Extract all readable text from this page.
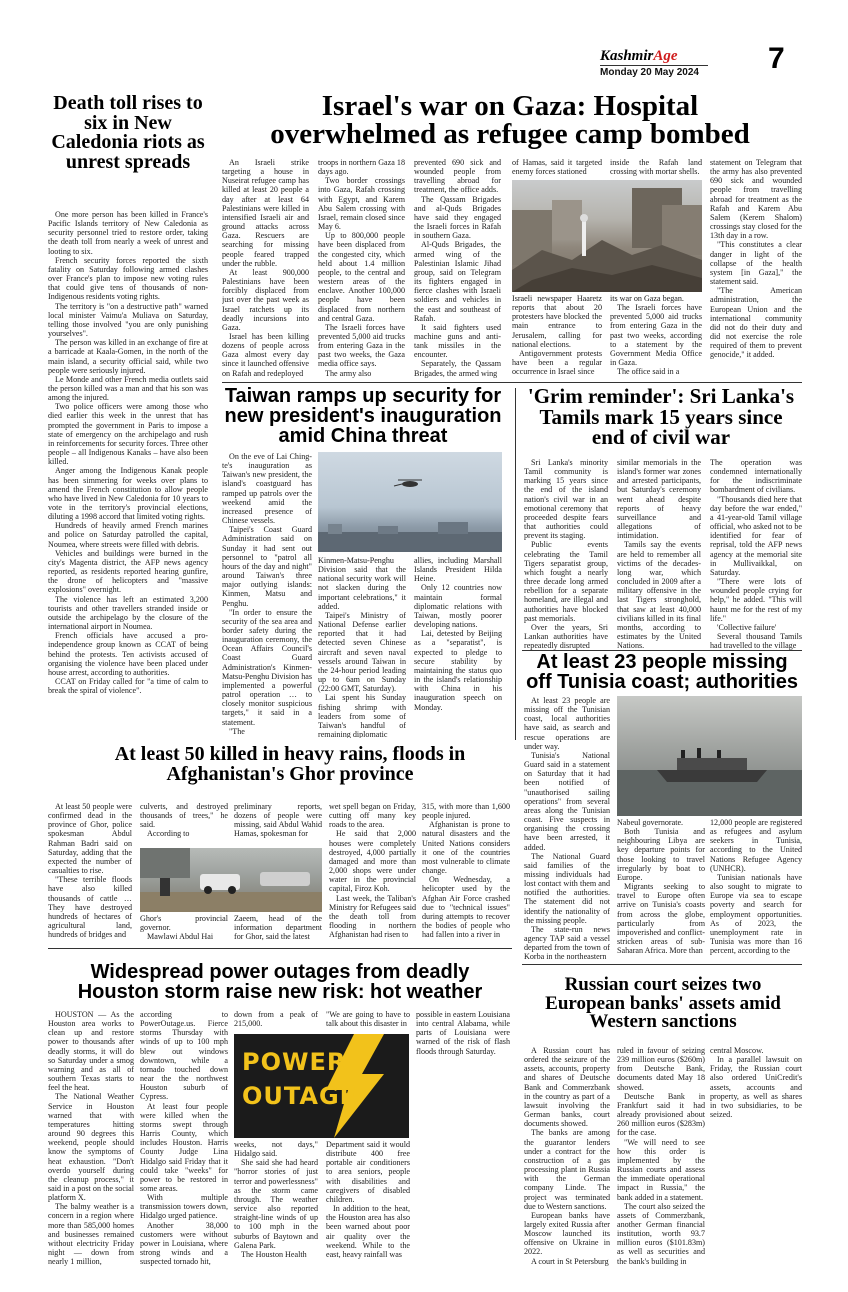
KashmirAge
Monday 20 May 2024 7
Death toll rises to six in New Caledonia riots as unrest spreads

One more person has been killed in France's Pacific Islands territory of New Caledonia as security personnel tried to restore order, taking the death toll from nearly a week of unrest and looting to six.

French security forces reported the sixth fatality on Saturday following armed clashes over France's plan to impose new voting rules that could give tens of thousands of non-Indigenous residents voting rights.

The territory is "on a destructive path" warned local minister Vaimu'a Muliava on Saturday, telling those involved "you are only punishing yourselves".

The person was killed in an exchange of fire at a barricade at Kaala-Gomen, in the north of the main island, a security official said, while two people were seriously injured.

Le Monde and other French media outlets said the person killed was a man and that his son was among the injured.

Two police officers were among those who died earlier this week in the unrest that has prompted the government in Paris to impose a state of emergency on the archipelago and rush in reinforcements for security forces. Three other people – all Indigenous Kanaks – have also been killed.

Anger among the Indigenous Kanak people has been simmering for weeks over plans to amend the French constitution to allow people who have lived in New Caledonia for 10 years to vote in the territory's provincial elections, diluting a 1998 accord that limited voting rights.

Hundreds of heavily armed French marines and police on Saturday patrolled the capital, Noumea, where streets were filled with debris.

Vehicles and buildings were burned in the city's Magenta district, the AFP news agency reported, as residents reported hearing gunfire, the drone of helicopters and "massive explosions" overnight.

The violence has left an estimated 3,200 tourists and other travellers stranded inside or outside the archipelago by the closure of the international airport in Noumea.

French officials have accused a pro-independence group known as CCAT of being behind the protests. Ten activists accused of organising the violence have been placed under house arrest, according to authorities.

CCAT on Friday called for "a time of calm to break the spiral of violence".

Israel's war on Gaza: Hospital overwhelmed as refugee camp bombed

An Israeli strike targeting a house in Nuseirat refugee camp has killed at least 20 people a day after at least 64 Palestinians were killed in intensified Israeli air and ground attacks across Gaza. Rescuers are searching for missing people feared trapped under the rubble.

At least 900,000 Palestinians have been forcibly displaced from just over the past week as Israel ratchets up its deadly incursions into Gaza.

Israel has been killing dozens of people across Gaza almost every day since it launched offensive on Rafah and redeployed

troops in northern Gaza 18 days ago.

Two border crossings into Gaza, Rafah crossing with Egypt, and Karem Abu Salem crossing with Israel, remain closed since May 6.

Up to 800,000 people have been displaced from the congested city, which held about 1.4 million people, to the central and western areas of the enclave. Another 100,000 people have been displaced from northern and central Gaza.

The Israeli forces have prevented 5,000 aid trucks from entering Gaza in the past two weeks, the Gaza media office says.

The army also

prevented 690 sick and wounded people from travelling abroad for treatment, the office adds.

The Qassam Brigades and al-Quds Brigades have said they engaged the Israeli forces in Rafah in southern Gaza.

Al-Quds Brigades, the armed wing of the Palestinian Islamic Jihad group, said on Telegram its fighters engaged in fierce clashes with Israeli soldiers and vehicles in the east and southeast of Rafah.

It said fighters used machine guns and anti-tank missiles in the encounter.

Separately, the Qassam Brigades, the armed wing

of Hamas, said it targeted enemy forces stationed

inside the Rafah land crossing with mortar shells.

Israeli newspaper Haaretz reports that about 20 protesters have blocked the main entrance to Jerusalem, calling for national elections.

Antigovernment protests have been a regular occurrence in Israel since

its war on Gaza began.

The Israeli forces have prevented 5,000 aid trucks from entering Gaza in the past two weeks, according to a statement by the Government Media Office in Gaza.

The office said in a

statement on Telegram that the army has also prevented 690 sick and wounded people from travelling abroad for treatment as the Rafah and Karem Abu Salem (Kerem Shalom) crossings stay closed for the 13th day in a row.

"This constitutes a clear danger in light of the collapse of the health system [in Gaza]," the statement said.

"The American administration, the European Union and the international community did not do their duty and did not exercise the role required of them to prevent genocide," it added.

Taiwan ramps up security for new president's inauguration amid China threat

On the eve of Lai Ching-te's inauguration as Taiwan's new president, the island's coastguard has ramped up patrols over the weekend amid the increased presence of Chinese vessels.

Taipei's Coast Guard Administration said on Sunday it had sent out personnel to "patrol all hours of the day and night" around Taiwan's three major outlying islands: Kinmen, Matsu and Penghu.

"In order to ensure the security of the sea area and border safety during the inauguration ceremony, the Ocean Affairs Council's Coast Guard Administration's Kinmen-Matsu-Penghu Division has implemented a powerful patrol operation … to closely monitor suspicious targets," it said in a statement.

"The

Kinmen-Matsu-Penghu Division said that the national security work will not slacken during the important celebrations," it added.

Taipei's Ministry of National Defense earlier reported that it had detected seven Chinese aircraft and seven naval vessels around Taiwan in the 24-hour period leading up to 6am on Sunday (22:00 GMT, Saturday).

Lai spent his Sunday fishing shrimp with leaders from some of Taiwan's handful of remaining diplomatic

allies, including Marshall Islands President Hilda Heine.

Only 12 countries now maintain formal diplomatic relations with Taiwan, mostly poorer developing nations.

Lai, detested by Beijing as a "separatist", is expected to pledge to secure stability by maintaining the status quo in the island's relationship with China in his inauguration speech on Monday.

'Grim reminder': Sri Lanka's Tamils mark 15 years since end of civil war

Sri Lanka's minority Tamil community is marking 15 years since the end of the island nation's civil war in an emotional ceremony that proceeded despite fears that authorities could prevent its staging.

Public events celebrating the Tamil Tigers separatist group, which fought a nearly three decade long armed rebellion for a separate homeland, are illegal and authorities have blocked past memorials.

Over the years, Sri Lankan authorities have repeatedly disrupted

similar memorials in the island's former war zones and arrested participants, but Saturday's ceremony went ahead despite reports of heavy surveillance and allegations of intimidation.

Tamils say the events are held to remember all victims of the decades-long war, which concluded in 2009 after a military offensive in the last Tigers stronghold, that saw at least 40,000 civilians killed in its final months, according to estimates by the United Nations.

The operation was condemned internationally for the indiscriminate bombardment of civilians.

"Thousands died here that day before the war ended," a 41-year-old Tamil village official, who asked not to be identified for fear of reprisal, told the AFP news agency at the memorial site in Mullivaikkal, on Saturday.

"There were lots of wounded people crying for help," he added. "This will haunt me for the rest of my life."

'Collective failure'

Several thousand Tamils had travelled to the village

At least 23 people missing off Tunisia coast; authorities
At least 50 killed in heavy rains, floods in Afghanistan's Ghor province

At least 50 people were confirmed dead in the province of Ghor, police spokesman Abdul Rahman Badri said on Saturday, adding that the expected the number of casualties to rise.

"These terrible floods have also killed thousands of cattle … They have destroyed hundreds of hectares of agricultural land, hundreds of bridges and

culverts, and destroyed thousands of trees," he said.

According to

preliminary reports, dozens of people were missing, said Abdul Wahid Hamas, spokesman for

Ghor's provincial governor.

Mawlawi Abdul Hai

Zaeem, head of the information department for Ghor, said the latest

wet spell began on Friday, cutting off many key roads to the area.

He said that 2,000 houses were completely destroyed, 4,000 partially damaged and more than 2,000 shops were under water in the provincial capital, Firoz Koh.

Last week, the Taliban's Ministry for Refugees said the death toll from flooding in northern Afghanistan had risen to

315, with more than 1,600 people injured.

Afghanistan is prone to natural disasters and the United Nations considers it one of the countries most vulnerable to climate change.

On Wednesday, a helicopter used by the Afghan Air Force crashed due to "technical issues" during attempts to recover the bodies of people who had fallen into a river in

At least 23 people are missing off the Tunisian coast, local authorities have said, as search and rescue operations are under way.

Tunisia's National Guard said in a statement on Saturday that it had been notified of "unauthorised sailing operations" from several areas along the Tunisian coast. Five suspects in organising the crossing have been arrested, it added.

The National Guard said families of the missing individuals had lost contact with them and notified the authorities. The statement did not identify the nationality of the missing people.

The state-run news agency TAP said a vessel departed from the town of Korba in the northeastern

Nabeul governorate.

Both Tunisia and neighbouring Libya are key departure points for those looking to travel irregularly by boat to Europe.

Migrants seeking to travel to Europe often arrive on Tunisia's coasts from across the globe, particularly from impoverished and conflict-stricken areas of sub-Saharan Africa. More than

12,000 people are registered as refugees and asylum seekers in Tunisia, according to the United Nations Refugee Agency (UNHCR).

Tunisian nationals have also sought to migrate to Europe via sea to escape poverty and search for employment opportunities. As of 2023, the unemployment rate in Tunisia was more than 16 percent, according to the

Widespread power outages from deadly Houston storm raise new risk: hot weather

HOUSTON — As the Houston area works to clean up and restore power to thousands after deadly storms, it will do so Saturday under a smog warning and as all of southern Texas starts to feel the heat.

The National Weather Service in Houston warned that with temperatures hitting around 90 degrees this weekend, people should know the symptoms of heat exhaustion. "Don't overdo yourself during the cleanup process," it said in a post on the social platform X.

The balmy weather is a concern in a region where more than 585,000 homes and businesses remained without electricity Friday night — down from nearly 1 million,

according to PowerOutage.us. Fierce storms Thursday with winds of up to 100 mph blew out windows downtown, while a tornado touched down near the the northwest Houston suburb of Cypress.

At least four people were killed when the storms swept through Harris County, which includes Houston. Harris County Judge Lina Hidalgo said Friday that it could take "weeks" for power to be restored in some areas.

With multiple transmission towers down, Hidalgo urged patience.

Another 38,000 customers were without power in Louisiana, where strong winds and a suspected tornado hit,

down from a peak of 215,000.

"We are going to have to talk about this disaster in

POWER
OUTAGE

weeks, not days," Hidalgo said.

She said she had heard "horror stories of just terror and powerlessness" as the storm came through. The weather service also reported straight-line winds of up to 100 mph in the suburbs of Baytown and Galena Park.

The Houston Health

Department said it would distribute 400 free portable air conditioners to area seniors, people with disabilities and caregivers of disabled children.

In addition to the heat, the Houston area has also been warned about poor air quality over the weekend. While to the east, heavy rainfall was

possible in eastern Louisiana into central Alabama, while parts of Louisiana were warned of the risk of flash floods through Saturday.

Russian court seizes two European banks' assets amid Western sanctions

A Russian court has ordered the seizure of the assets, accounts, property and shares of Deutsche Bank and Commerzbank in the country as part of a lawsuit involving the German banks, court documents showed.

The banks are among the guarantor lenders under a contract for the construction of a gas processing plant in Russia with the German company Linde. The project was terminated due to Western sanctions.

European banks have largely exited Russia after Moscow launched its offensive on Ukraine in 2022.

A court in St Petersburg

ruled in favour of seizing 239 million euros ($260m) from Deutsche Bank, documents dated May 18 showed.

Deutsche Bank in Frankfurt said it had already provisioned about 260 million euros ($283m) for the case.

"We will need to see how this order is implemented by the Russian courts and assess the immediate operational impact in Russia," the bank added in a statement.

The court also seized the assets of Commerzbank, another German financial institution, worth 93.7 million euros ($101.83m) as well as securities and the bank's building in

central Moscow.

In a parallel lawsuit on Friday, the Russian court also ordered UniCredit's assets, accounts and property, as well as shares in two subsidiaries, to be seized.
